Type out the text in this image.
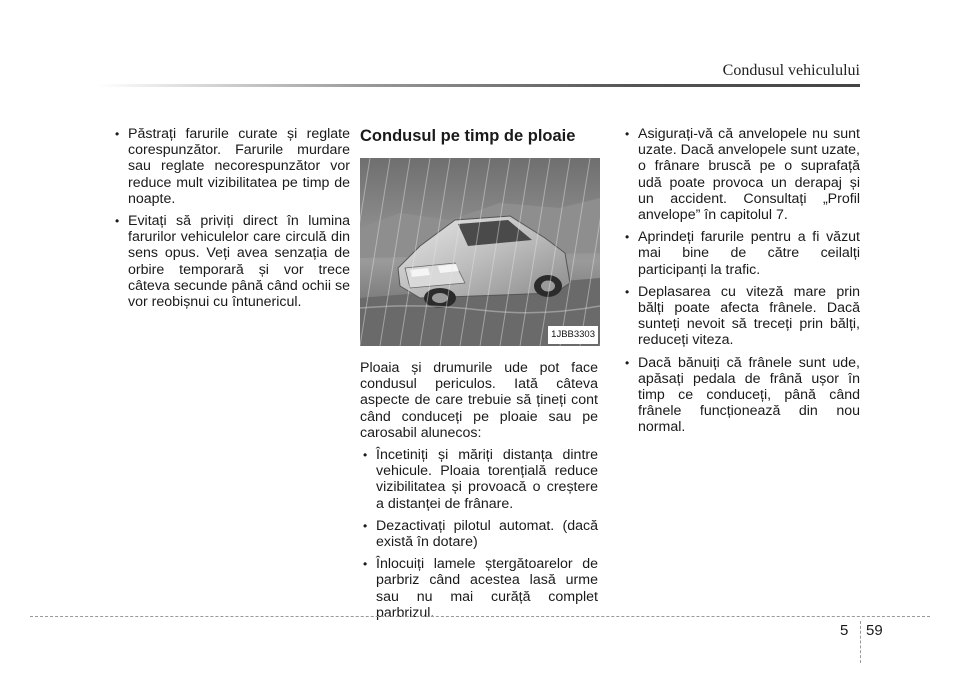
Condusul vehiculului
• Păstrați farurile curate și reglate corespunzător. Farurile murdare sau reglate necorespunzător vor reduce mult vizibilitatea pe timp de noapte.
• Evitați să priviți direct în lumina farurilor vehiculelor care circulă din sens opus. Veți avea senzația de orbire temporară și vor trece câteva secunde până când ochii se vor reobișnui cu întunericul.
Condusul pe timp de ploaie
1JBB3303

Ploaia și drumurile ude pot face condusul periculos. Iată câteva aspecte de care trebuie să țineți cont când conduceți pe ploaie sau pe carosabil alunecos:

• Încetiniți și măriți distanța dintre vehicule. Ploaia torențială reduce vizibilitatea și provoacă o creștere a distanței de frânare.
• Dezactivați pilotul automat. (dacă există în dotare)
• Înlocuiți lamele ștergătoarelor de parbriz când acestea lasă urme sau nu mai curăță complet parbrizul.
• Asigurați-vă că anvelopele nu sunt uzate. Dacă anvelopele sunt uzate, o frânare bruscă pe o suprafață udă poate provoca un derapaj și un accident. Consultați „Profil anvelope” în capitolul 7.
• Aprindeți farurile pentru a fi văzut mai bine de către ceilalți participanți la trafic.
• Deplasarea cu viteză mare prin bălți poate afecta frânele. Dacă sunteți nevoit să treceți prin bălți, reduceți viteza.
• Dacă bănuiți că frânele sunt ude, apăsați pedala de frână ușor în timp ce conduceți, până când frânele funcționează din nou normal.
5 59
